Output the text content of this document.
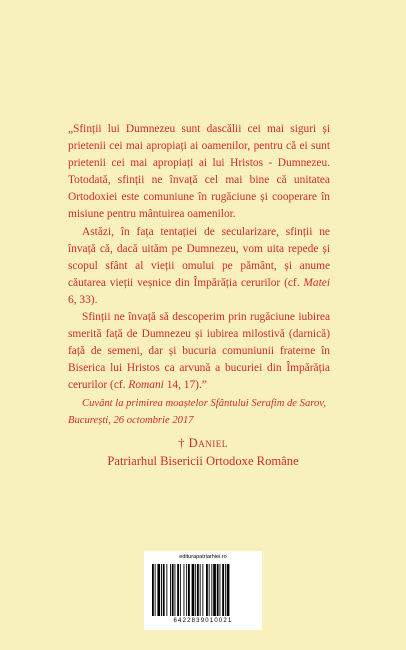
„Sfinții lui Dumnezeu sunt dascălii cei mai siguri și prietenii cei mai apropiați ai oamenilor, pentru că ei sunt prietenii cei mai apropiați ai lui Hristos - Dumnezeu. Totodată, sfinții ne învață cel mai bine că unitatea Ortodoxiei este comuniune în rugăciune și cooperare în misiune pentru mântuirea oamenilor.

Astăzi, în fața tentației de secularizare, sfinții ne învață că, dacă uităm pe Dumnezeu, vom uita repede și scopul sfânt al vieții omului pe pământ, și anume căutarea vieții veșnice din Împărăția cerurilor (cf. Matei 6, 33).

Sfinții ne învață să descoperim prin rugăciune iubirea smerită față de Dumnezeu și iubirea milostivă (darnică) față de semeni, dar și bucuria comuniunii fraterne în Biserica lui Hristos ca arvună a bucuriei din Împărăția cerurilor (cf. Romani 14, 17).”

Cuvânt la primirea moaștelor Sfântului Serafim de Sarov, București, 26 octombrie 2017

† Daniel
Patriarhul Bisericii Ortodoxe Române
editurapatriarhiei.ro
6422839010021
